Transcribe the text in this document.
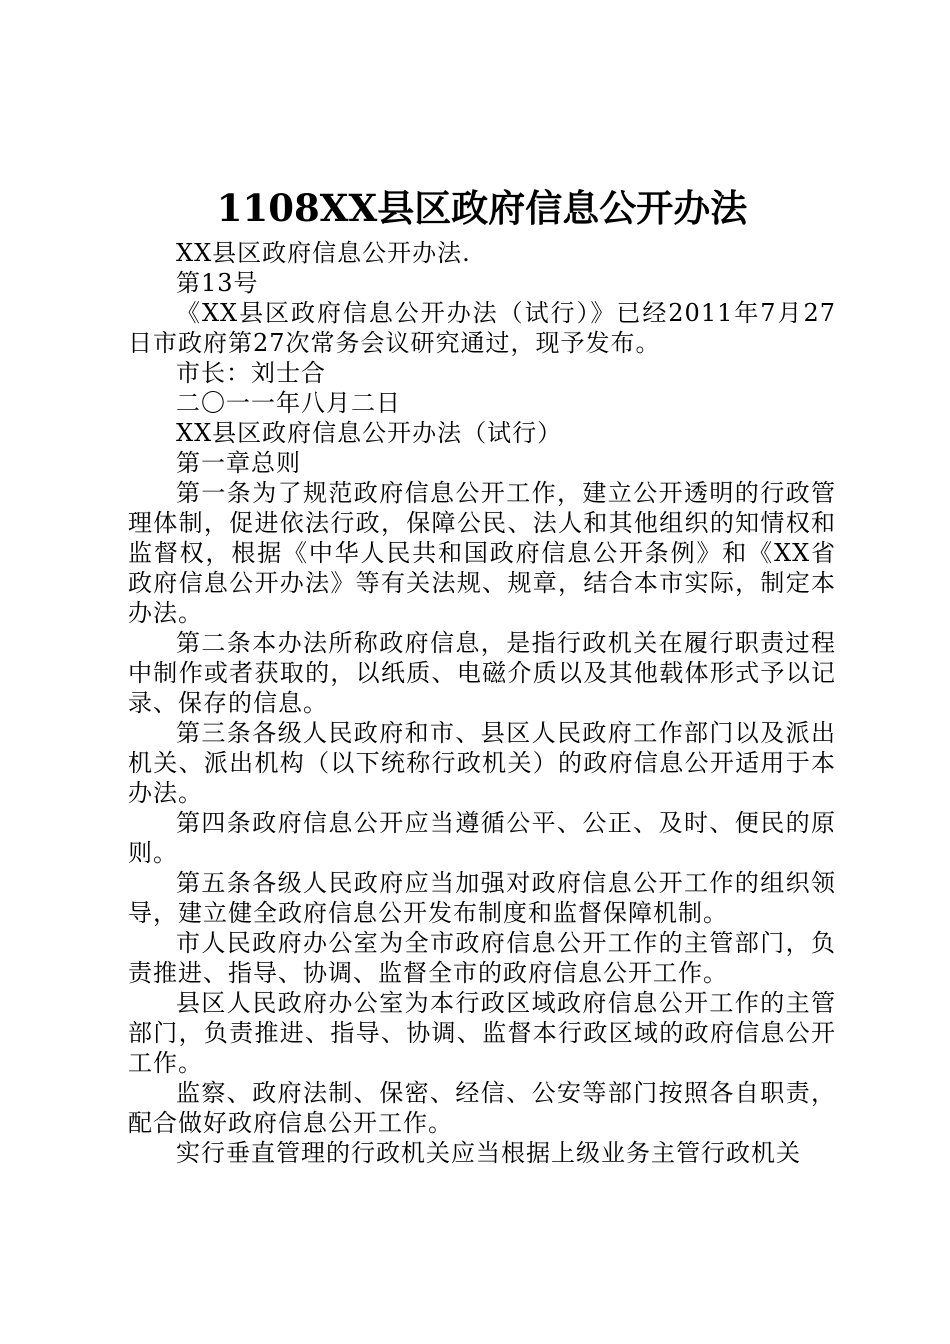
1108XX县区政府信息公开办法

XX县区政府信息公开办法.

第13号

《XX县区政府信息公开办法（试行）》已经2011年7月27日市政府第27次常务会议研究通过，现予发布。

市长：刘士合

二〇一一年八月二日

XX县区政府信息公开办法（试行）

第一章总则

第一条为了规范政府信息公开工作，建立公开透明的行政管理体制，促进依法行政，保障公民、法人和其他组织的知情权和监督权，根据《中华人民共和国政府信息公开条例》和《XX省政府信息公开办法》等有关法规、规章，结合本市实际，制定本办法。

第二条本办法所称政府信息，是指行政机关在履行职责过程中制作或者获取的，以纸质、电磁介质以及其他载体形式予以记录、保存的信息。

第三条各级人民政府和市、县区人民政府工作部门以及派出机关、派出机构（以下统称行政机关）的政府信息公开适用于本办法。

第四条政府信息公开应当遵循公平、公正、及时、便民的原则。

第五条各级人民政府应当加强对政府信息公开工作的组织领导，建立健全政府信息公开发布制度和监督保障机制。

市人民政府办公室为全市政府信息公开工作的主管部门，负责推进、指导、协调、监督全市的政府信息公开工作。

县区人民政府办公室为本行政区域政府信息公开工作的主管部门，负责推进、指导、协调、监督本行政区域的政府信息公开工作。

监察、政府法制、保密、经信、公安等部门按照各自职责，配合做好政府信息公开工作。

实行垂直管理的行政机关应当根据上级业务主管行政机关
